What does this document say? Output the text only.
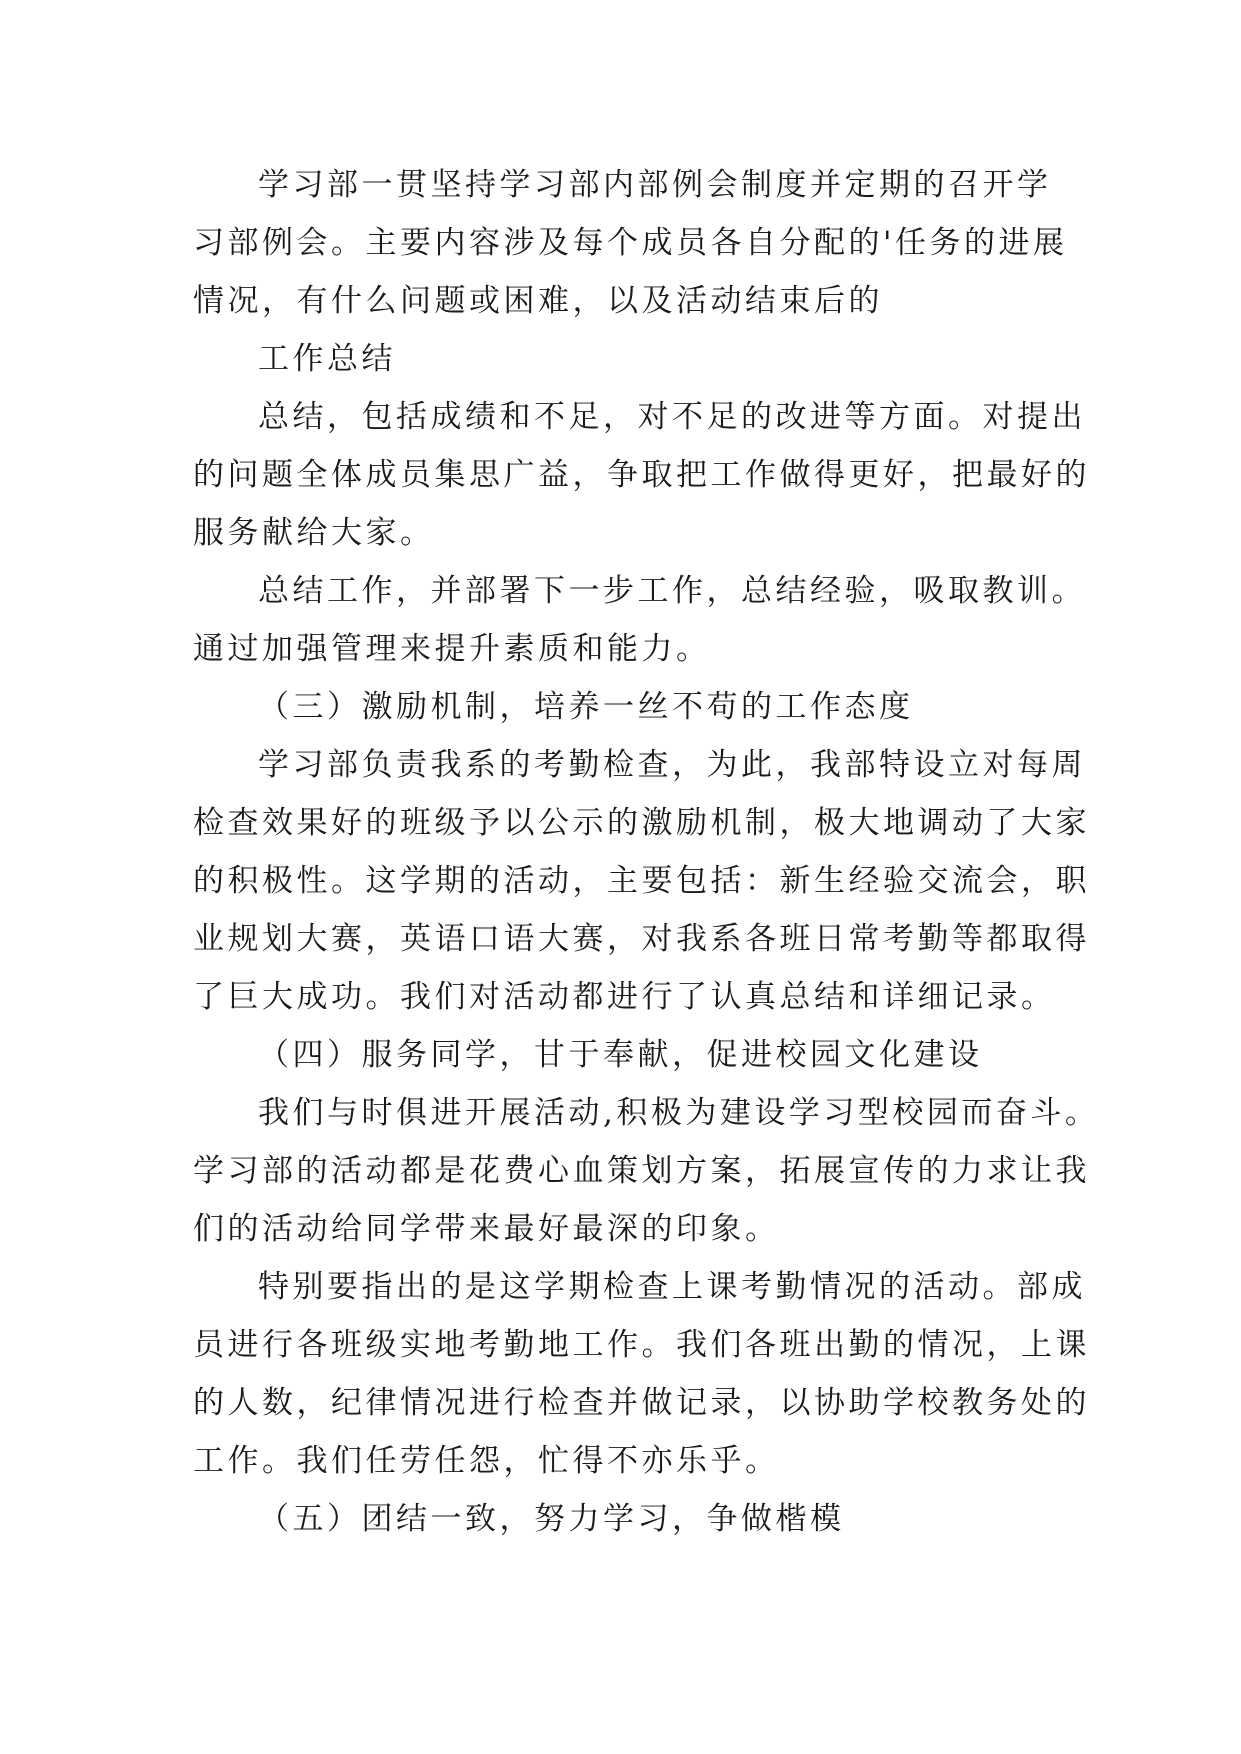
学习部一贯坚持学习部内部例会制度并定期的召开学
习部例会。主要内容涉及每个成员各自分配的'任务的进展
情况，有什么问题或困难，以及活动结束后的
工作总结
总结，包括成绩和不足，对不足的改进等方面。对提出
的问题全体成员集思广益，争取把工作做得更好，把最好的
服务献给大家。
总结工作，并部署下一步工作，总结经验，吸取教训。
通过加强管理来提升素质和能力。
（三）激励机制，培养一丝不苟的工作态度
学习部负责我系的考勤检查，为此，我部特设立对每周
检查效果好的班级予以公示的激励机制，极大地调动了大家
的积极性。这学期的活动，主要包括：新生经验交流会，职
业规划大赛，英语口语大赛，对我系各班日常考勤等都取得
了巨大成功。我们对活动都进行了认真总结和详细记录。
（四）服务同学，甘于奉献，促进校园文化建设
我们与时俱进开展活动,积极为建设学习型校园而奋斗。
学习部的活动都是花费心血策划方案，拓展宣传的力求让我
们的活动给同学带来最好最深的印象。
特别要指出的是这学期检查上课考勤情况的活动。部成
员进行各班级实地考勤地工作。我们各班出勤的情况，上课
的人数，纪律情况进行检查并做记录，以协助学校教务处的
工作。我们任劳任怨，忙得不亦乐乎。
（五）团结一致，努力学习，争做楷模
